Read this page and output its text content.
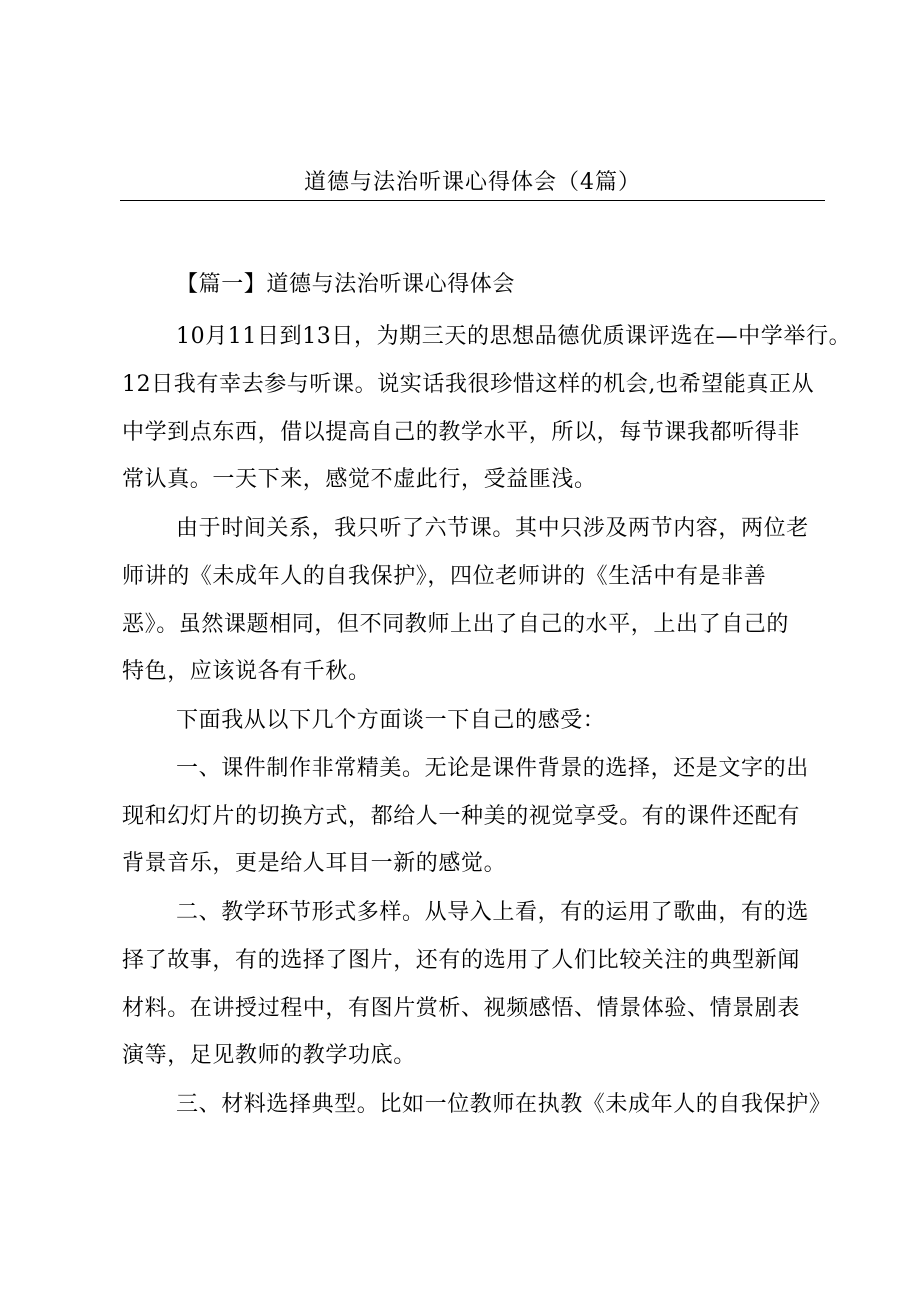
道德与法治听课心得体会（4篇）
【篇一】道德与法治听课心得体会
10月11日到13日，为期三天的思想品德优质课评选在—中学举行。
12日我有幸去参与听课。说实话我很珍惜这样的机会,也希望能真正从
中学到点东西，借以提高自己的教学水平，所以，每节课我都听得非
常认真。一天下来，感觉不虚此行，受益匪浅。
由于时间关系，我只听了六节课。其中只涉及两节内容，两位老
师讲的《未成年人的自我保护》，四位老师讲的《生活中有是非善
恶》。虽然课题相同，但不同教师上出了自己的水平，上出了自己的
特色，应该说各有千秋。
下面我从以下几个方面谈一下自己的感受：
一、课件制作非常精美。无论是课件背景的选择，还是文字的出
现和幻灯片的切换方式，都给人一种美的视觉享受。有的课件还配有
背景音乐，更是给人耳目一新的感觉。
二、教学环节形式多样。从导入上看，有的运用了歌曲，有的选
择了故事，有的选择了图片，还有的选用了人们比较关注的典型新闻
材料。在讲授过程中，有图片赏析、视频感悟、情景体验、情景剧表
演等，足见教师的教学功底。
三、材料选择典型。比如一位教师在执教《未成年人的自我保护》
